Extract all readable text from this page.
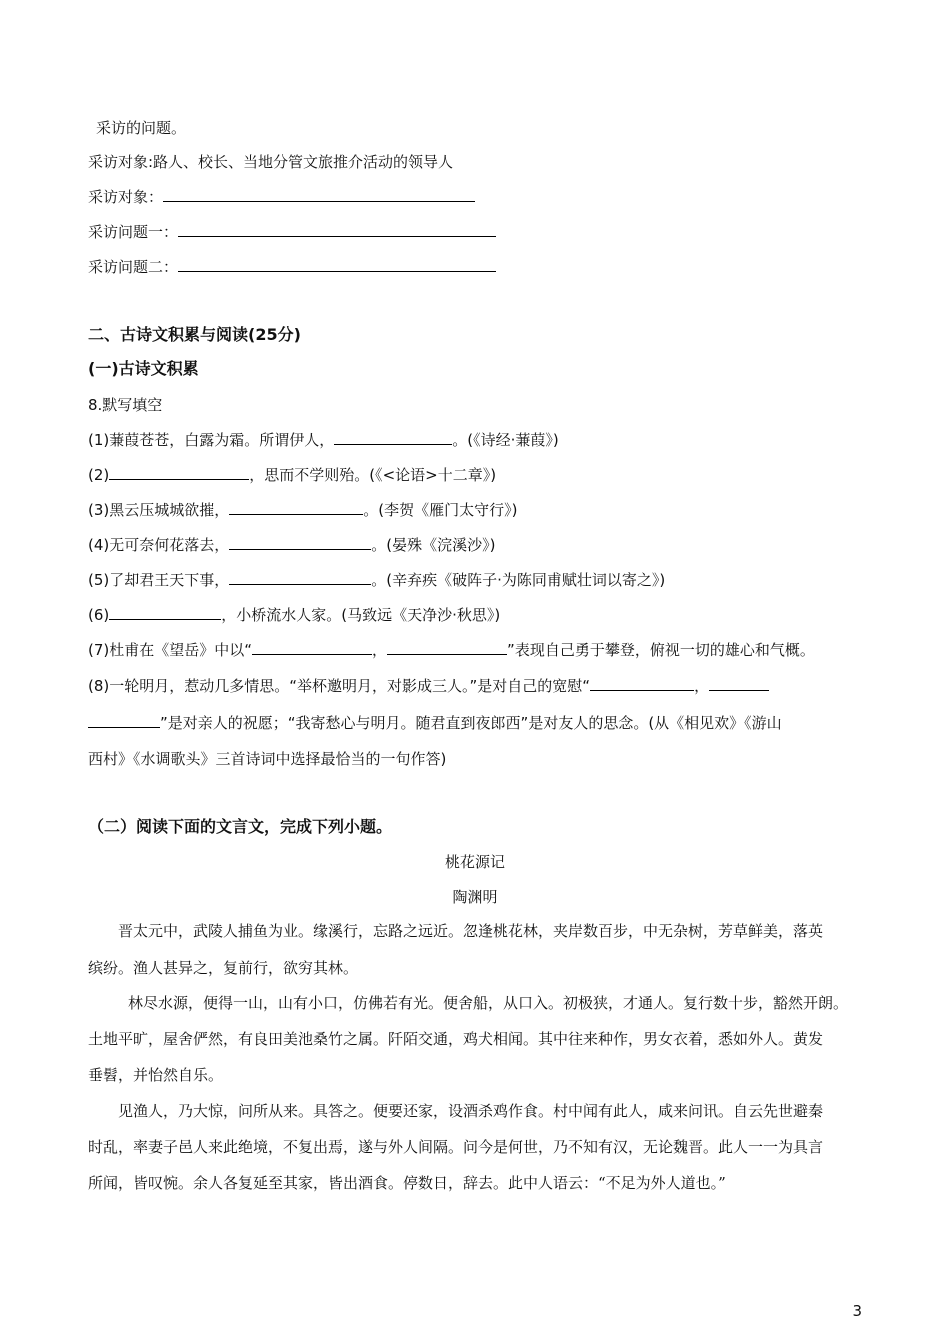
采访的问题。
采访对象:路人、校长、当地分管文旅推介活动的领导人
采访对象：
采访问题一：
采访问题二：
二、古诗文积累与阅读(25分)
(一)古诗文积累
8.默写填空
(1)蒹葭苍苍，白露为霜。所谓伊人，	。(《诗经·蒹葭》)
(2)	，思而不学则殆。(《<论语>十二章》)
(3)黑云压城城欲摧，	。(李贺《雁门太守行》)
(4)无可奈何花落去，	。(晏殊《浣溪沙》)
(5)了却君王天下事，	。(辛弃疾《破阵子·为陈同甫赋壮词以寄之》)
(6)	，小桥流水人家。(马致远《天净沙·秋思》)
(7)杜甫在《望岳》中以“	，	”表现自己勇于攀登，俯视一切的雄心和气概。
(8)一轮明月，惹动几多情思。“举杯邀明月，对影成三人。”是对自己的宽慰“	，
”是对亲人的祝愿；“我寄愁心与明月。随君直到夜郎西”是对友人的思念。(从《相见欢》《游山
西村》《水调歌头》三首诗词中选择最恰当的一句作答)
（二）阅读下面的文言文，完成下列小题。
桃花源记
陶渊明
晋太元中，武陵人捕鱼为业。缘溪行，忘路之远近。忽逢桃花林，夹岸数百步，中无杂树，芳草鲜美，落英
缤纷。渔人甚异之，复前行，欲穷其林。
林尽水源，便得一山，山有小口，仿佛若有光。便舍船，从口入。初极狭，才通人。复行数十步，豁然开朗。
土地平旷，屋舍俨然，有良田美池桑竹之属。阡陌交通，鸡犬相闻。其中往来种作，男女衣着，悉如外人。黄发
垂髫，并怡然自乐。
见渔人，乃大惊，问所从来。具答之。便要还家，设酒杀鸡作食。村中闻有此人，咸来问讯。自云先世避秦
时乱，率妻子邑人来此绝境，不复出焉，遂与外人间隔。问今是何世，乃不知有汉，无论魏晋。此人一一为具言
所闻，皆叹惋。余人各复延至其家，皆出酒食。停数日，辞去。此中人语云：“不足为外人道也。”
3
